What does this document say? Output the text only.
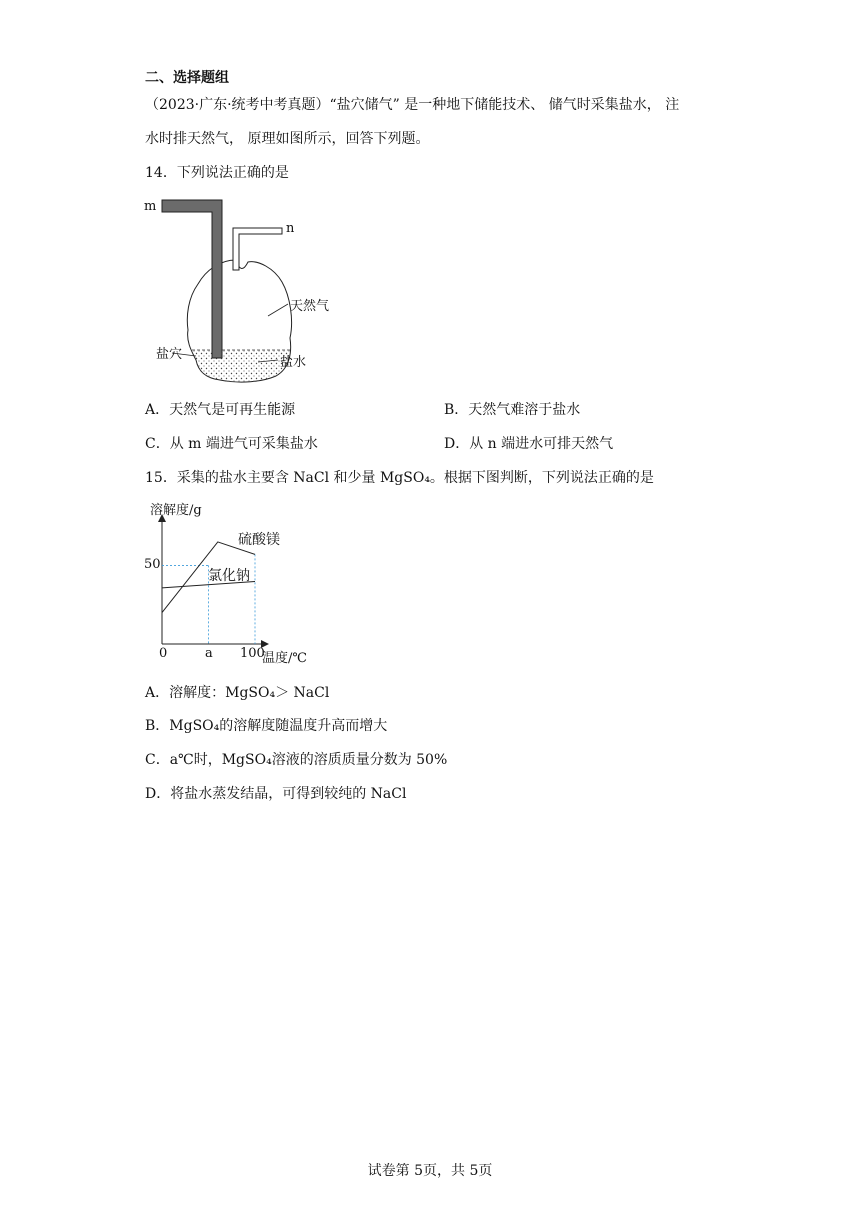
二、选择题组
（2023·广东·统考中考真题）“盐穴储气” 是一种地下储能技术、 储气时采集盐水， 注
水时排天然气， 原理如图所示，回答下列题。
14．下列说法正确的是
m
n
天然气
盐穴
盐水
A．天然气是可再生能源	B．天然气难溶于盐水
C．从 m 端进气可采集盐水	D．从 n 端进水可排天然气
15．采集的盐水主要含 NaCl 和少量 MgSO₄。根据下图判断，下列说法正确的是
溶解度/g
温度/℃
50
0	a 100
硫酸镁
氯化钠
A．溶解度：MgSO₄＞ NaCl
B．MgSO₄的溶解度随温度升高而增大
C．a℃时，MgSO₄溶液的溶质质量分数为 50%
D．将盐水蒸发结晶，可得到较纯的 NaCl
试卷第 5页，共 5页
